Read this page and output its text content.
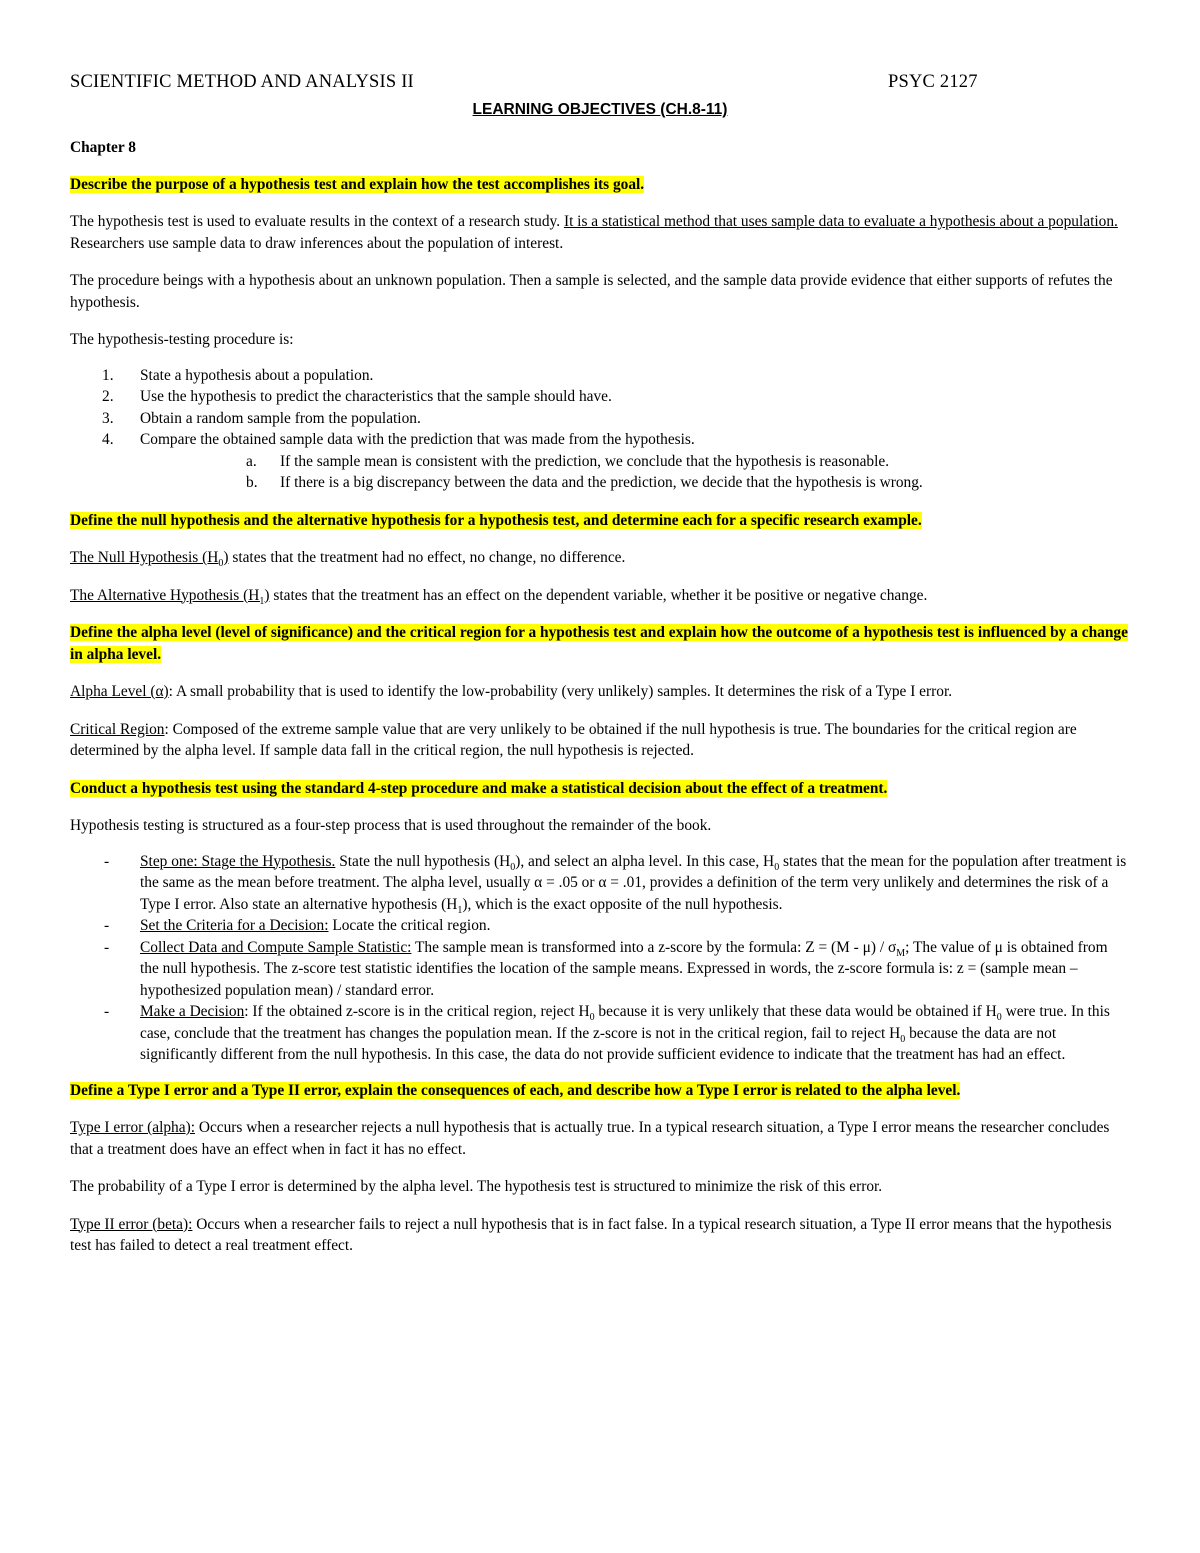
SCIENTIFIC METHOD AND ANALYSIS II	PSYC 2127
LEARNING OBJECTIVES (CH.8-11)

Chapter 8

Describe the purpose of a hypothesis test and explain how the test accomplishes its goal.

The hypothesis test is used to evaluate results in the context of a research study. It is a statistical method that uses sample data to evaluate a hypothesis about a population. Researchers use sample data to draw inferences about the population of interest.

The procedure beings with a hypothesis about an unknown population. Then a sample is selected, and the sample data provide evidence that either supports of refutes the hypothesis.

The hypothesis-testing procedure is:

1. State a hypothesis about a population.
2. Use the hypothesis to predict the characteristics that the sample should have.
3. Obtain a random sample from the population.
4. Compare the obtained sample data with the prediction that was made from the hypothesis.
a. If the sample mean is consistent with the prediction, we conclude that the hypothesis is reasonable.
b. If there is a big discrepancy between the data and the prediction, we decide that the hypothesis is wrong.

Define the null hypothesis and the alternative hypothesis for a hypothesis test, and determine each for a specific research example.

The Null Hypothesis $(H_0)$ states that the treatment had no effect, no change, no difference.

The Alternative Hypothesis $(H_1)$ states that the treatment has an effect on the dependent variable, whether it be positive or negative change.

Define the alpha level (level of significance) and the critical region for a hypothesis test and explain how the outcome of a hypothesis test is influenced by a change in alpha level.

Alpha Level (α): A small probability that is used to identify the low-probability (very unlikely) samples. It determines the risk of a Type I error.

Critical Region: Composed of the extreme sample value that are very unlikely to be obtained if the null hypothesis is true. The boundaries for the critical region are determined by the alpha level. If sample data fall in the critical region, the null hypothesis is rejected.

Conduct a hypothesis test using the standard 4-step procedure and make a statistical decision about the effect of a treatment.

Hypothesis testing is structured as a four-step process that is used throughout the remainder of the book.

- Step one: Stage the Hypothesis. State the null hypothesis $(H_0)$, and select an alpha level. In this case, $H_0$ states that the mean for the population after treatment is the same as the mean before treatment. The alpha level, usually α = .05 or α = .01, provides a definition of the term very unlikely and determines the risk of a Type I error. Also state an alternative hypothesis $(H_1)$, which is the exact opposite of the null hypothesis.
- Set the Criteria for a Decision: Locate the critical region.
- Collect Data and Compute Sample Statistic: The sample mean is transformed into a z-score by the formula: $Z = (M - \mu) / \sigma_M$; The value of μ is obtained from the null hypothesis. The z-score test statistic identifies the location of the sample means. Expressed in words, the z-score formula is: z = (sample mean – hypothesized population mean) / standard error.
- Make a Decision: If the obtained z-score is in the critical region, reject $H_0$ because it is very unlikely that these data would be obtained if $H_0$ were true. In this case, conclude that the treatment has changes the population mean. If the z-score is not in the critical region, fail to reject $H_0$ because the data are not significantly different from the null hypothesis. In this case, the data do not provide sufficient evidence to indicate that the treatment has had an effect.

Define a Type I error and a Type II error, explain the consequences of each, and describe how a Type I error is related to the alpha level.

Type I error (alpha): Occurs when a researcher rejects a null hypothesis that is actually true. In a typical research situation, a Type I error means the researcher concludes that a treatment does have an effect when in fact it has no effect.

The probability of a Type I error is determined by the alpha level. The hypothesis test is structured to minimize the risk of this error.

Type II error (beta): Occurs when a researcher fails to reject a null hypothesis that is in fact false. In a typical research situation, a Type II error means that the hypothesis test has failed to detect a real treatment effect.
